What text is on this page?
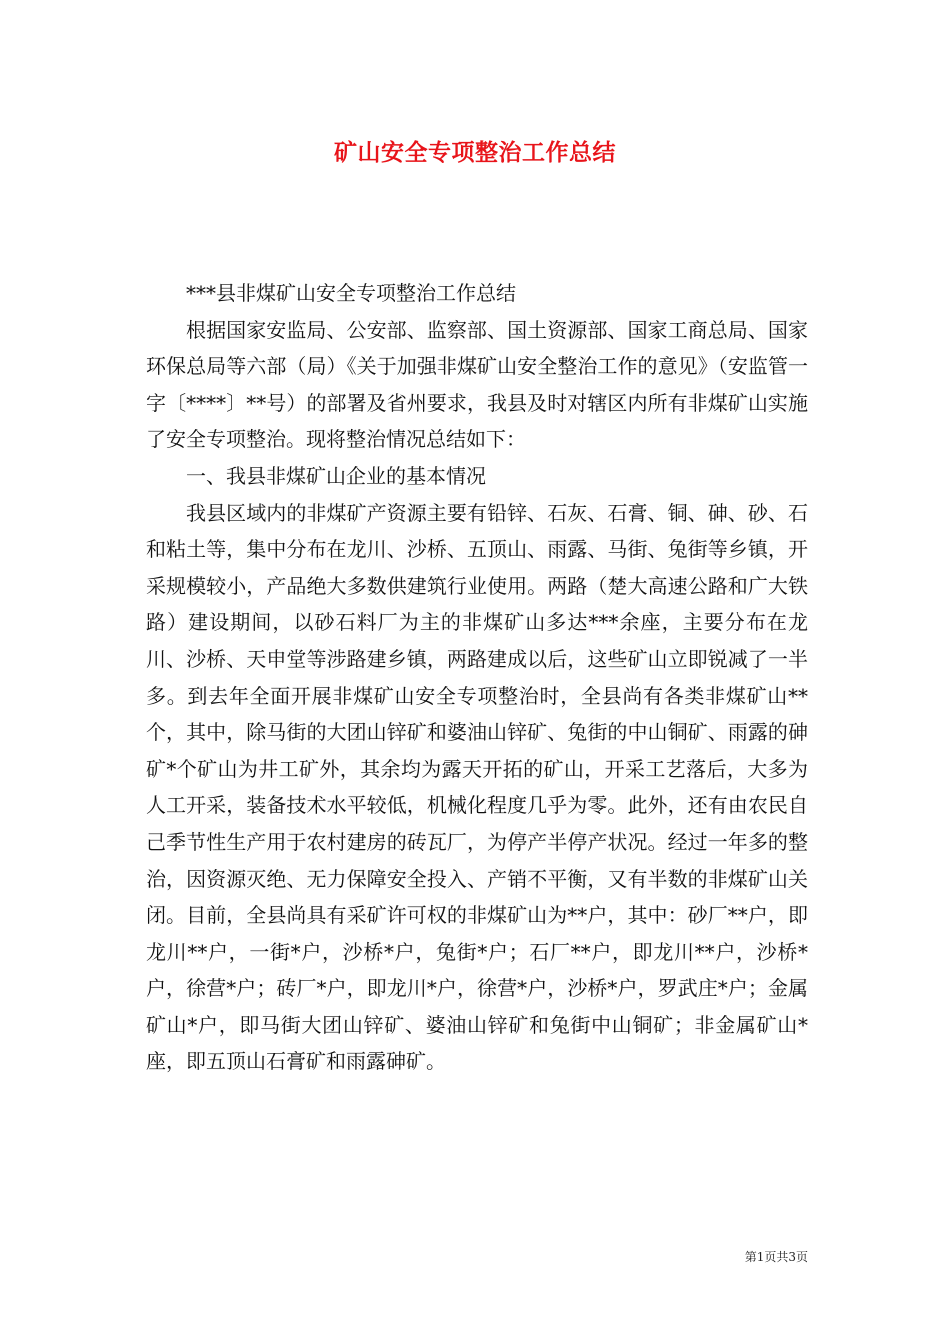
矿山安全专项整治工作总结

***县非煤矿山安全专项整治工作总结

根据国家安监局、公安部、监察部、国土资源部、国家工商总局、国家环保总局等六部（局）《关于加强非煤矿山安全整治工作的意见》（安监管一字〔****〕**号）的部署及省州要求，我县及时对辖区内所有非煤矿山实施了安全专项整治。现将整治情况总结如下：

一、我县非煤矿山企业的基本情况

我县区域内的非煤矿产资源主要有铅锌、石灰、石膏、铜、砷、砂、石和粘土等，集中分布在龙川、沙桥、五顶山、雨露、马街、兔街等乡镇，开采规模较小，产品绝大多数供建筑行业使用。两路（楚大高速公路和广大铁路）建设期间，以砂石料厂为主的非煤矿山多达***余座，主要分布在龙川、沙桥、天申堂等涉路建乡镇，两路建成以后，这些矿山立即锐减了一半多。到去年全面开展非煤矿山安全专项整治时，全县尚有各类非煤矿山**个，其中，除马街的大团山锌矿和婆油山锌矿、兔街的中山铜矿、雨露的砷矿*个矿山为井工矿外，其余均为露天开拓的矿山，开采工艺落后，大多为人工开采，装备技术水平较低，机械化程度几乎为零。此外，还有由农民自己季节性生产用于农村建房的砖瓦厂，为停产半停产状况。经过一年多的整治，因资源灭绝、无力保障安全投入、产销不平衡，又有半数的非煤矿山关闭。目前，全县尚具有采矿许可权的非煤矿山为**户，其中：砂厂**户，即龙川**户，一街*户，沙桥*户，兔街*户；石厂**户，即龙川**户，沙桥*户，徐营*户；砖厂*户，即龙川*户，徐营*户，沙桥*户，罗武庄*户；金属矿山*户，即马街大团山锌矿、婆油山锌矿和兔街中山铜矿；非金属矿山*座，即五顶山石膏矿和雨露砷矿。

第1页共3页
